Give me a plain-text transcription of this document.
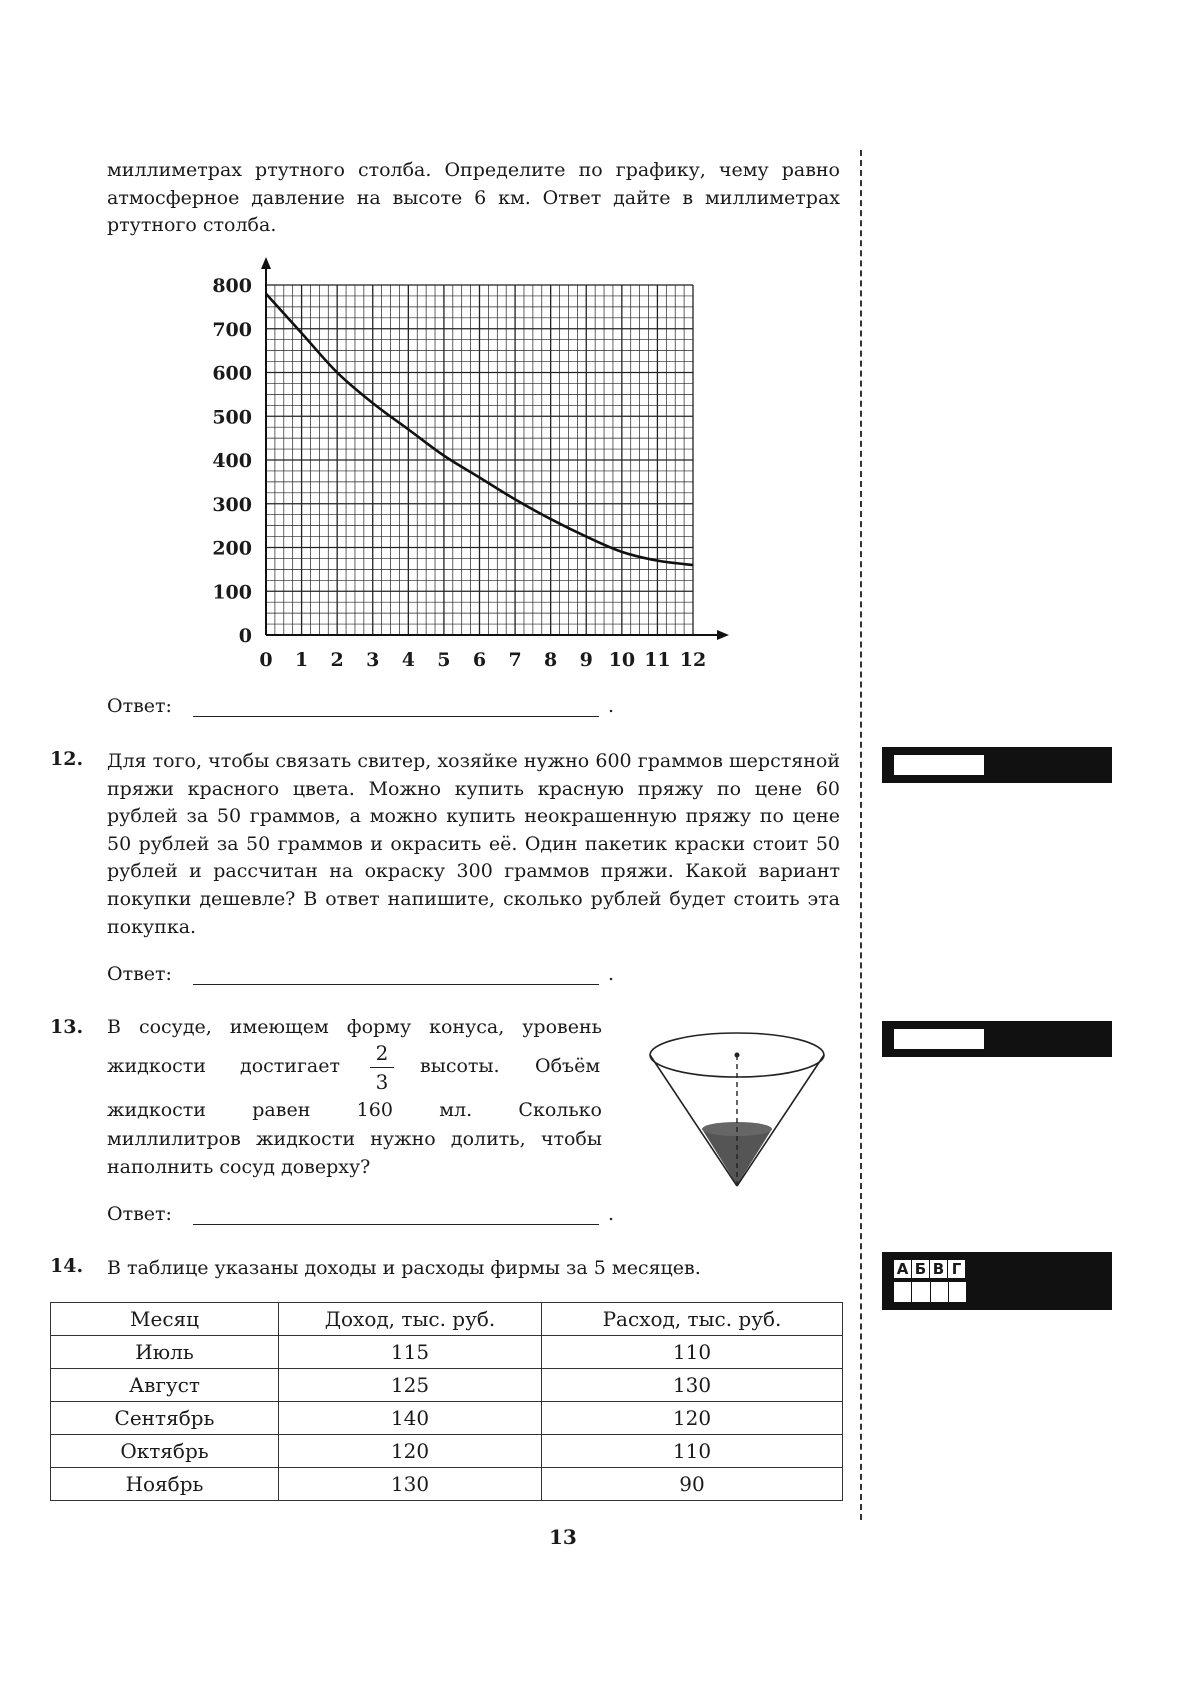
миллиметрах ртутного столба. Определите по графику, чему равно атмосферное давление на высоте 6 км. Ответ дайте в миллиметрах ртутного столба.

0 1 2 3 4 5 6 7 8 9 10 11 12
0
100
200
300
400
500
600
700
800
Ответ:	.
12. Для того, чтобы связать свитер, хозяйке нужно 600 граммов шерстяной пряжи красного цвета. Можно купить красную пряжу по цене 60 рублей за 50 граммов, а можно купить неокрашенную пряжу по цене 50 рублей за 50 граммов и окрасить её. Один пакетик краски стоит 50 рублей и рассчитан на окраску 300 граммов пряжи. Какой вариант покупки дешевле? В ответ напишите, сколько рублей будет стоить эта покупка.

Ответ:	.
13. В сосуде, имеющем форму конуса, уровень
жидкости достигает
2
3
высоты. Объём
жидкости равен 160 мл. Сколько
миллилитров жидкости нужно долить, чтобы наполнить сосуд доверху?
Ответ:	.
14. В таблице указаны доходы и расходы фирмы за 5 месяцев.	А Б В Г
Месяц	Доход, тыс. руб.	Расход, тыс. руб.
Июль	115	110
Август	125	130
Сентябрь	140	120
Октябрь	120	110
Ноябрь	130	90
13
